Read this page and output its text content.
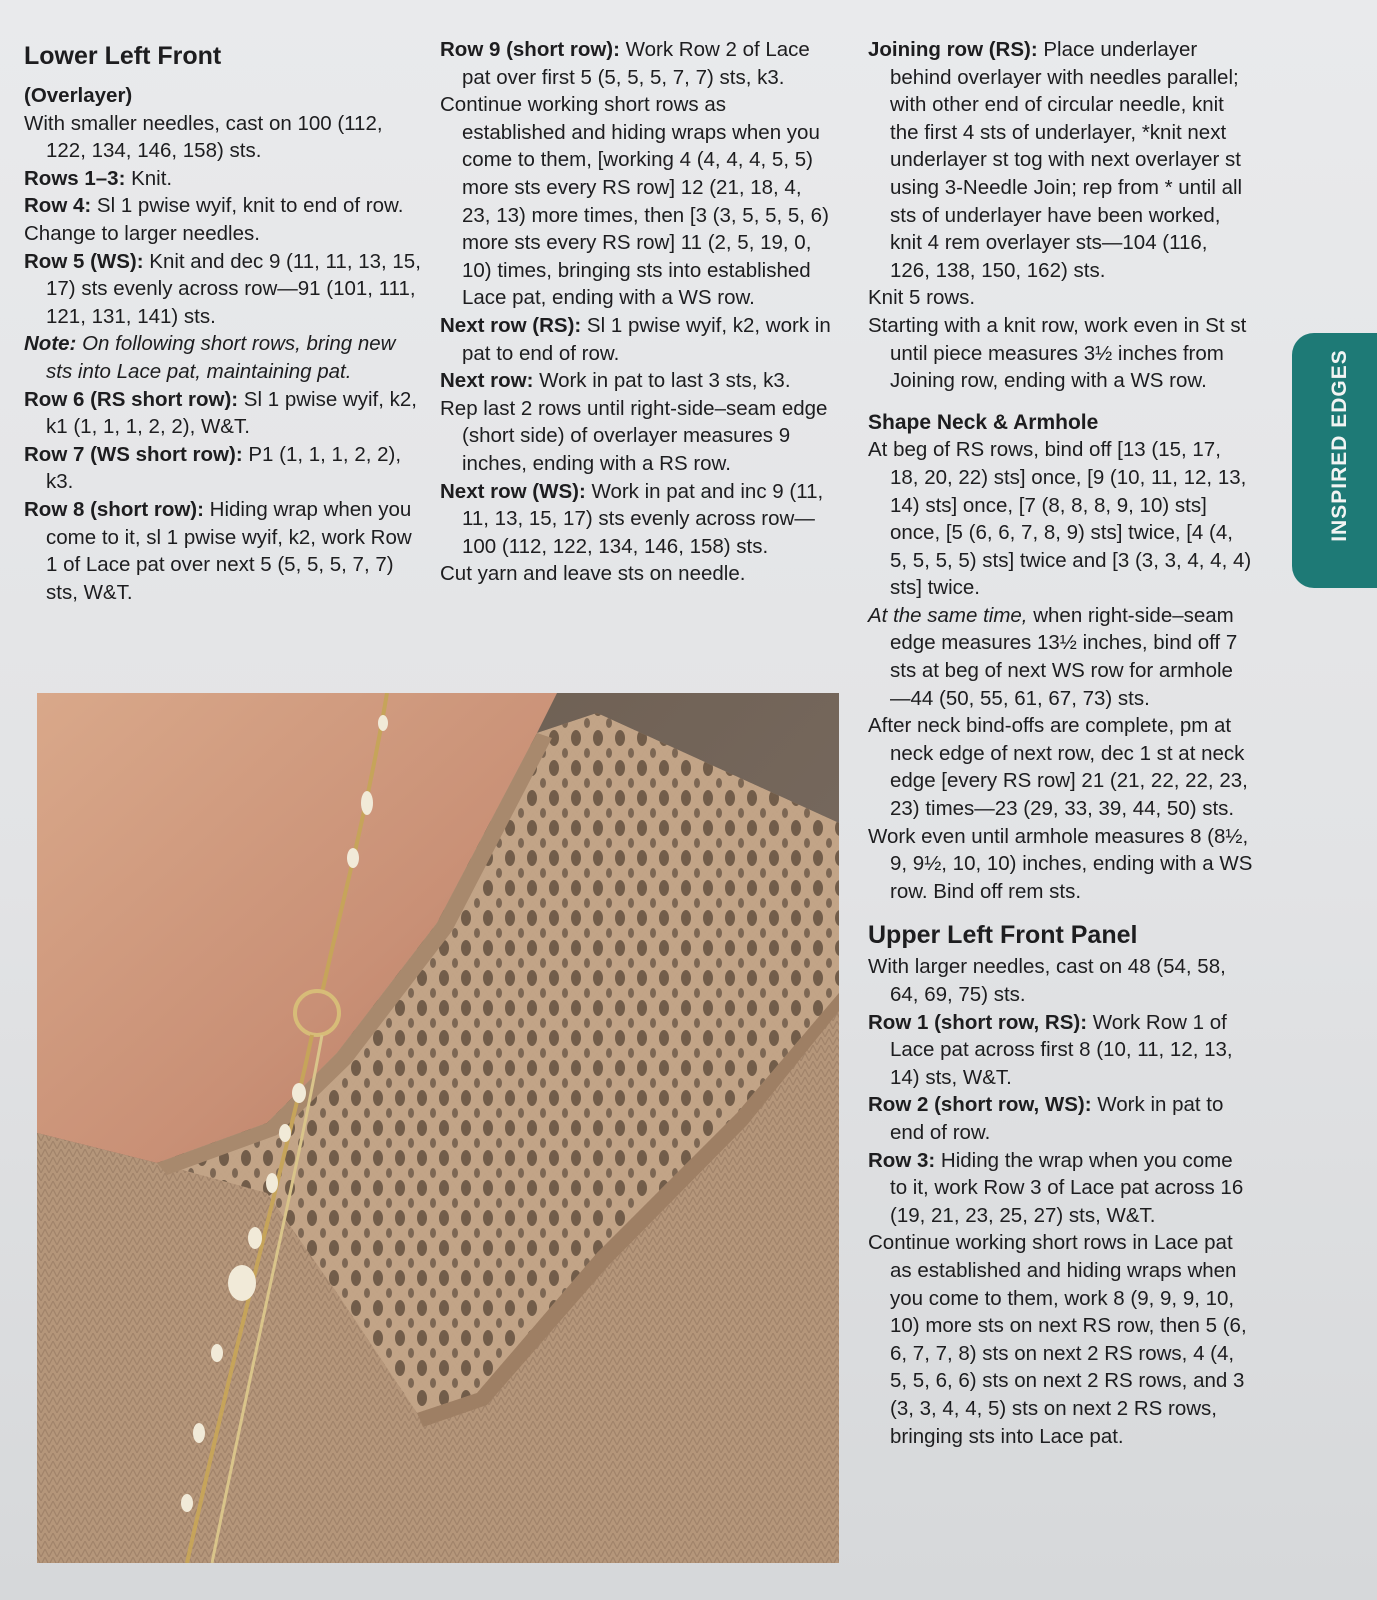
Lower Left Front
(Overlayer)

With smaller needles, cast on 100 (112, 122, 134, 146, 158) sts.

Rows 1–3: Knit.

Row 4: Sl 1 pwise wyif, knit to end of row.

Change to larger needles.

Row 5 (WS): Knit and dec 9 (11, 11, 13, 15, 17) sts evenly across row—91 (101, 111, 121, 131, 141) sts.

Note: On following short rows, bring new sts into Lace pat, maintaining pat.

Row 6 (RS short row): Sl 1 pwise wyif, k2, k1 (1, 1, 1, 2, 2), W&T.

Row 7 (WS short row): P1 (1, 1, 1, 2, 2), k3.

Row 8 (short row): Hiding wrap when you come to it, sl 1 pwise wyif, k2, work Row 1 of Lace pat over next 5 (5, 5, 5, 7, 7) sts, W&T.

Row 9 (short row): Work Row 2 of Lace pat over first 5 (5, 5, 5, 7, 7) sts, k3.

Continue working short rows as established and hiding wraps when you come to them, [working 4 (4, 4, 4, 5, 5) more sts every RS row] 12 (21, 18, 4, 23, 13) more times, then [3 (3, 5, 5, 5, 6) more sts every RS row] 11 (2, 5, 19, 0, 10) times, bringing sts into established Lace pat, ending with a WS row.

Next row (RS): Sl 1 pwise wyif, k2, work in pat to end of row.

Next row: Work in pat to last 3 sts, k3.

Rep last 2 rows until right-side–seam edge (short side) of overlayer measures 9 inches, ending with a RS row.

Next row (WS): Work in pat and inc 9 (11, 11, 13, 15, 17) sts evenly across row—100 (112, 122, 134, 146, 158) sts.

Cut yarn and leave sts on needle.

Joining row (RS): Place underlayer behind overlayer with needles parallel; with other end of circular needle, knit the first 4 sts of underlayer, *knit next underlayer st tog with next overlayer st using 3-Needle Join; rep from * until all sts of underlayer have been worked, knit 4 rem overlayer sts—104 (116, 126, 138, 150, 162) sts.

Knit 5 rows.

Starting with a knit row, work even in St st until piece measures 3½ inches from Joining row, ending with a WS row.

Shape Neck & Armhole

At beg of RS rows, bind off [13 (15, 17, 18, 20, 22) sts] once, [9 (10, 11, 12, 13, 14) sts] once, [7 (8, 8, 8, 9, 10) sts] once, [5 (6, 6, 7, 8, 9) sts] twice, [4 (4, 5, 5, 5, 5) sts] twice and [3 (3, 3, 4, 4, 4) sts] twice.

At the same time, when right-side–seam edge measures 13½ inches, bind off 7 sts at beg of next WS row for armhole—44 (50, 55, 61, 67, 73) sts.

After neck bind-offs are complete, pm at neck edge of next row, dec 1 st at neck edge [every RS row] 21 (21, 22, 22, 23, 23) times—23 (29, 33, 39, 44, 50) sts.

Work even until armhole measures 8 (8½, 9, 9½, 10, 10) inches, ending with a WS row. Bind off rem sts.

Upper Left Front Panel

With larger needles, cast on 48 (54, 58, 64, 69, 75) sts.

Row 1 (short row, RS): Work Row 1 of Lace pat across first 8 (10, 11, 12, 13, 14) sts, W&T.

Row 2 (short row, WS): Work in pat to end of row.

Row 3: Hiding the wrap when you come to it, work Row 3 of Lace pat across 16 (19, 21, 23, 25, 27) sts, W&T.

Continue working short rows in Lace pat as established and hiding wraps when you come to them, work 8 (9, 9, 9, 10, 10) more sts on next RS row, then 5 (6, 6, 7, 7, 8) sts on next 2 RS rows, 4 (4, 5, 5, 6, 6) sts on next 2 RS rows, and 3 (3, 3, 4, 4, 5) sts on next 2 RS rows, bringing sts into Lace pat.

INSPIRED EDGES
